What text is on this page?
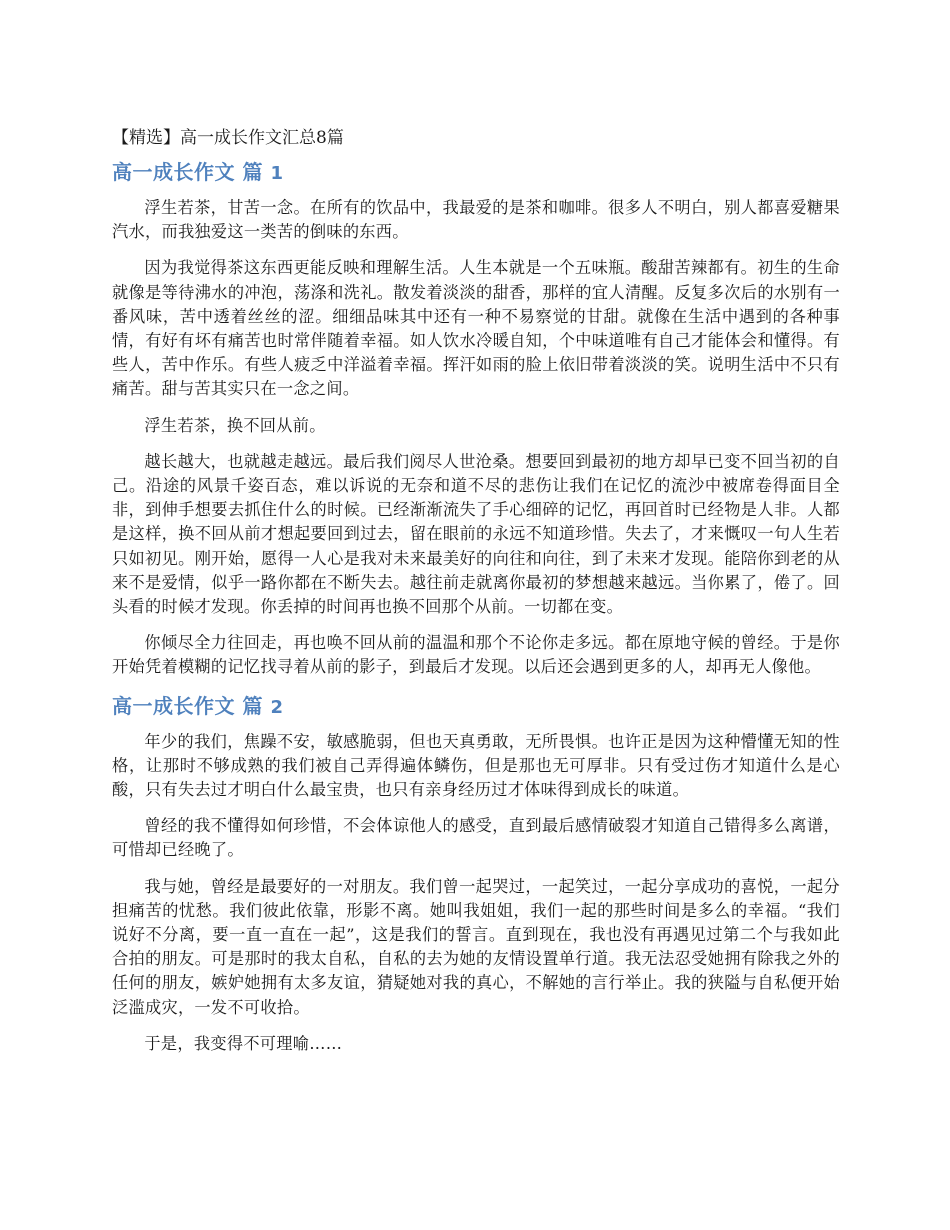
【精选】高一成长作文汇总8篇
高一成长作文 篇 1

浮生若茶，甘苦一念。在所有的饮品中，我最爱的是茶和咖啡。很多人不明白，别人都喜爱糖果汽水，而我独爱这一类苦的倒味的东西。

因为我觉得茶这东西更能反映和理解生活。人生本就是一个五味瓶。酸甜苦辣都有。初生的生命就像是等待沸水的冲泡，荡涤和洗礼。散发着淡淡的甜香，那样的宜人清醒。反复多次后的水别有一番风味，苦中透着丝丝的涩。细细品味其中还有一种不易察觉的甘甜。就像在生活中遇到的各种事情，有好有坏有痛苦也时常伴随着幸福。如人饮水冷暖自知，个中味道唯有自己才能体会和懂得。有些人，苦中作乐。有些人疲乏中洋溢着幸福。挥汗如雨的脸上依旧带着淡淡的笑。说明生活中不只有痛苦。甜与苦其实只在一念之间。

浮生若茶，换不回从前。

越长越大，也就越走越远。最后我们阅尽人世沧桑。想要回到最初的地方却早已变不回当初的自己。沿途的风景千姿百态，难以诉说的无奈和道不尽的悲伤让我们在记忆的流沙中被席卷得面目全非，到伸手想要去抓住什么的时候。已经渐渐流失了手心细碎的记忆，再回首时已经物是人非。人都是这样，换不回从前才想起要回到过去，留在眼前的永远不知道珍惜。失去了，才来慨叹一句人生若只如初见。刚开始，愿得一人心是我对未来最美好的向往和向往，到了未来才发现。能陪你到老的从来不是爱情，似乎一路你都在不断失去。越往前走就离你最初的梦想越来越远。当你累了，倦了。回头看的时候才发现。你丢掉的时间再也换不回那个从前。一切都在变。

你倾尽全力往回走，再也唤不回从前的温温和那个不论你走多远。都在原地守候的曾经。于是你开始凭着模糊的记忆找寻着从前的影子，到最后才发现。以后还会遇到更多的人，却再无人像他。

高一成长作文 篇 2

年少的我们，焦躁不安，敏感脆弱，但也天真勇敢，无所畏惧。也许正是因为这种懵懂无知的性格，让那时不够成熟的我们被自己弄得遍体鳞伤，但是那也无可厚非。只有受过伤才知道什么是心酸，只有失去过才明白什么最宝贵，也只有亲身经历过才体味得到成长的味道。

曾经的我不懂得如何珍惜，不会体谅他人的感受，直到最后感情破裂才知道自己错得多么离谱，可惜却已经晚了。

我与她，曾经是最要好的一对朋友。我们曾一起哭过，一起笑过，一起分享成功的喜悦，一起分担痛苦的忧愁。我们彼此依靠，形影不离。她叫我姐姐，我们一起的那些时间是多么的幸福。“我们说好不分离，要一直一直在一起”，这是我们的誓言。直到现在，我也没有再遇见过第二个与我如此合拍的朋友。可是那时的我太自私，自私的去为她的友情设置单行道。我无法忍受她拥有除我之外的任何的朋友，嫉妒她拥有太多友谊，猜疑她对我的真心，不解她的言行举止。我的狭隘与自私便开始泛滥成灾，一发不可收拾。

于是，我变得不可理喻……
